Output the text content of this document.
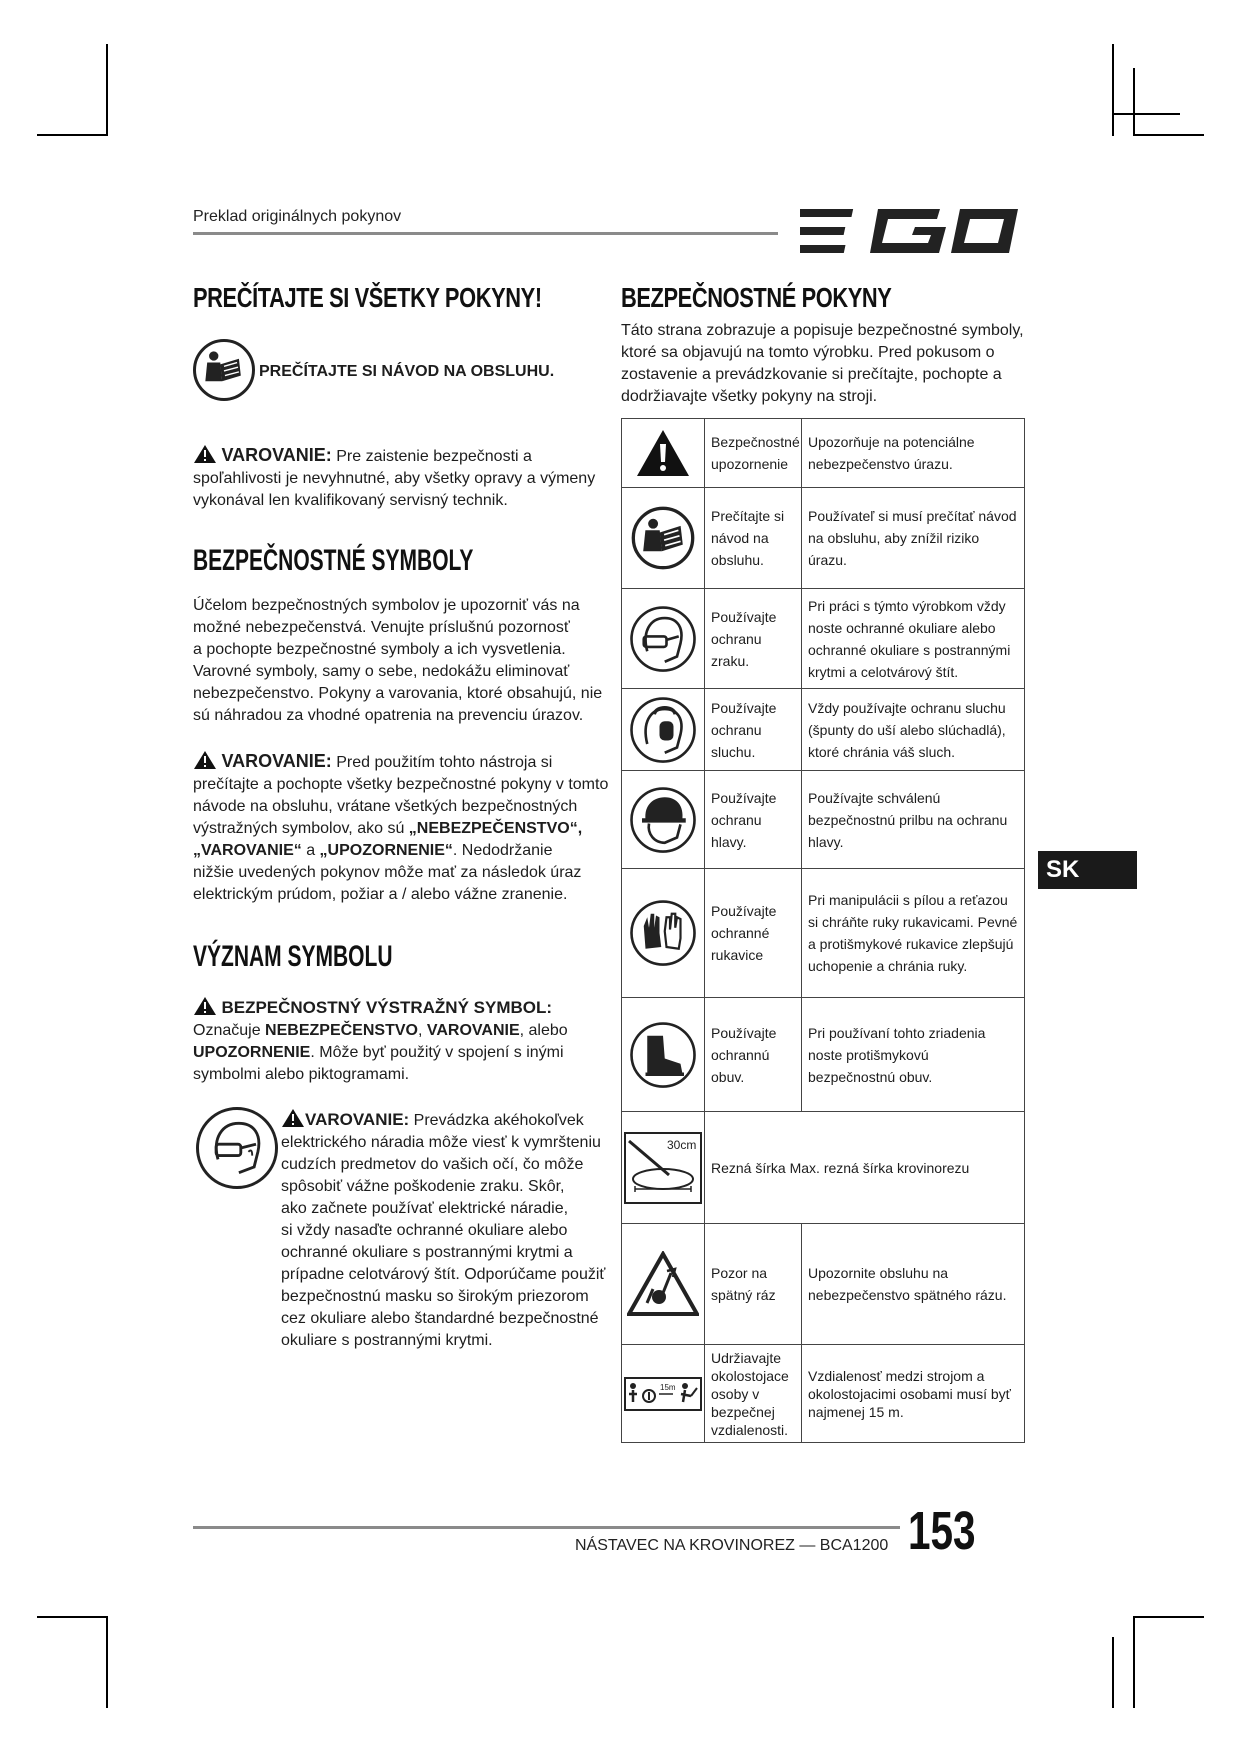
Preklad originálnych pokynov
PREČÍTAJTE SI VŠETKY POKYNY!
PREČÍTAJTE SI NÁVOD NA OBSLUHU.
VAROVANIE: Pre zaistenie bezpečnosti a
spoľahlivosti je nevyhnutné, aby všetky opravy a výmeny
vykonával len kvalifikovaný servisný technik.
BEZPEČNOSTNÉ SYMBOLY
Účelom bezpečnostných symbolov je upozorniť vás na
možné nebezpečenstvá. Venujte príslušnú pozornosť
a pochopte bezpečnostné symboly a ich vysvetlenia.
Varovné symboly, samy o sebe, nedokážu eliminovať
nebezpečenstvo. Pokyny a varovania, ktoré obsahujú, nie
sú náhradou za vhodné opatrenia na prevenciu úrazov.
VAROVANIE: Pred použitím tohto nástroja si
prečítajte a pochopte všetky bezpečnostné pokyny v tomto
návode na obsluhu, vrátane všetkých bezpečnostných
výstražných symbolov, ako sú „NEBEZPEČENSTVO“,
„VAROVANIE“ a „UPOZORNENIE“. Nedodržanie
nižšie uvedených pokynov môže mať za následok úraz
elektrickým prúdom, požiar a / alebo vážne zranenie.
VÝZNAM SYMBOLU
BEZPEČNOSTNÝ VÝSTRAŽNÝ SYMBOL:
Označuje NEBEZPEČENSTVO, VAROVANIE, alebo
UPOZORNENIE. Môže byť použitý v spojení s inými
symbolmi alebo piktogramami.
VAROVANIE: Prevádzka akéhokoľvek
elektrického náradia môže viesť k vymršteniu
cudzích predmetov do vašich očí, čo môže
spôsobiť vážne poškodenie zraku. Skôr,
ako začnete používať elektrické náradie,
si vždy nasaďte ochranné okuliare alebo
ochranné okuliare s postrannými krytmi a
prípadne celotvárový štít. Odporúčame použiť
bezpečnostnú masku so širokým priezorom
cez okuliare alebo štandardné bezpečnostné
okuliare s postrannými krytmi.
BEZPEČNOSTNÉ POKYNY
Táto strana zobrazuje a popisuje bezpečnostné symboly,
ktoré sa objavujú na tomto výrobku. Pred pokusom o
zostavenie a prevádzkovanie si prečítajte, pochopte a
dodržiavajte všetky pokyny na stroji.
	Bezpečnostné upozornenie	Upozorňuje na potenciálne nebezpečenstvo úrazu.

	Prečítajte si návod na obsluhu.	Používateľ si musí prečítať návod na obsluhu, aby znížil riziko úrazu.

	Používajte ochranu zraku.	Pri práci s týmto výrobkom vždy noste ochranné okuliare alebo ochranné okuliare s postrannými krytmi a celotvárový štít.

	Používajte ochranu sluchu.	Vždy používajte ochranu sluchu (špunty do uší alebo slúchadlá), ktoré chránia váš sluch.

	Používajte ochranu hlavy.	Používajte schválenú bezpečnostnú prilbu na ochranu hlavy.

	Používajte ochranné rukavice	Pri manipulácii s pílou a reťazou si chráňte ruky rukavicami. Pevné a protišmykové rukavice zlepšujú uchopenie a chránia ruky.

	Používajte ochrannú obuv.	Pri používaní tohto zriadenia noste protišmykovú bezpečnostnú obuv.

30cm	Rezná šírka Max. rezná šírka krovinorezu	

	Pozor na spätný ráz	Upozornite obsluhu na nebezpečenstvo spätného rázu.

15m	Udržiavajte okolostojace osoby v bezpečnej vzdialenosti.	Vzdialenosť medzi strojom a okolostojacimi osobami musí byť najmenej 15 m.
SK
NÁSTAVEC NA KROVINOREZ — BCA1200 153
